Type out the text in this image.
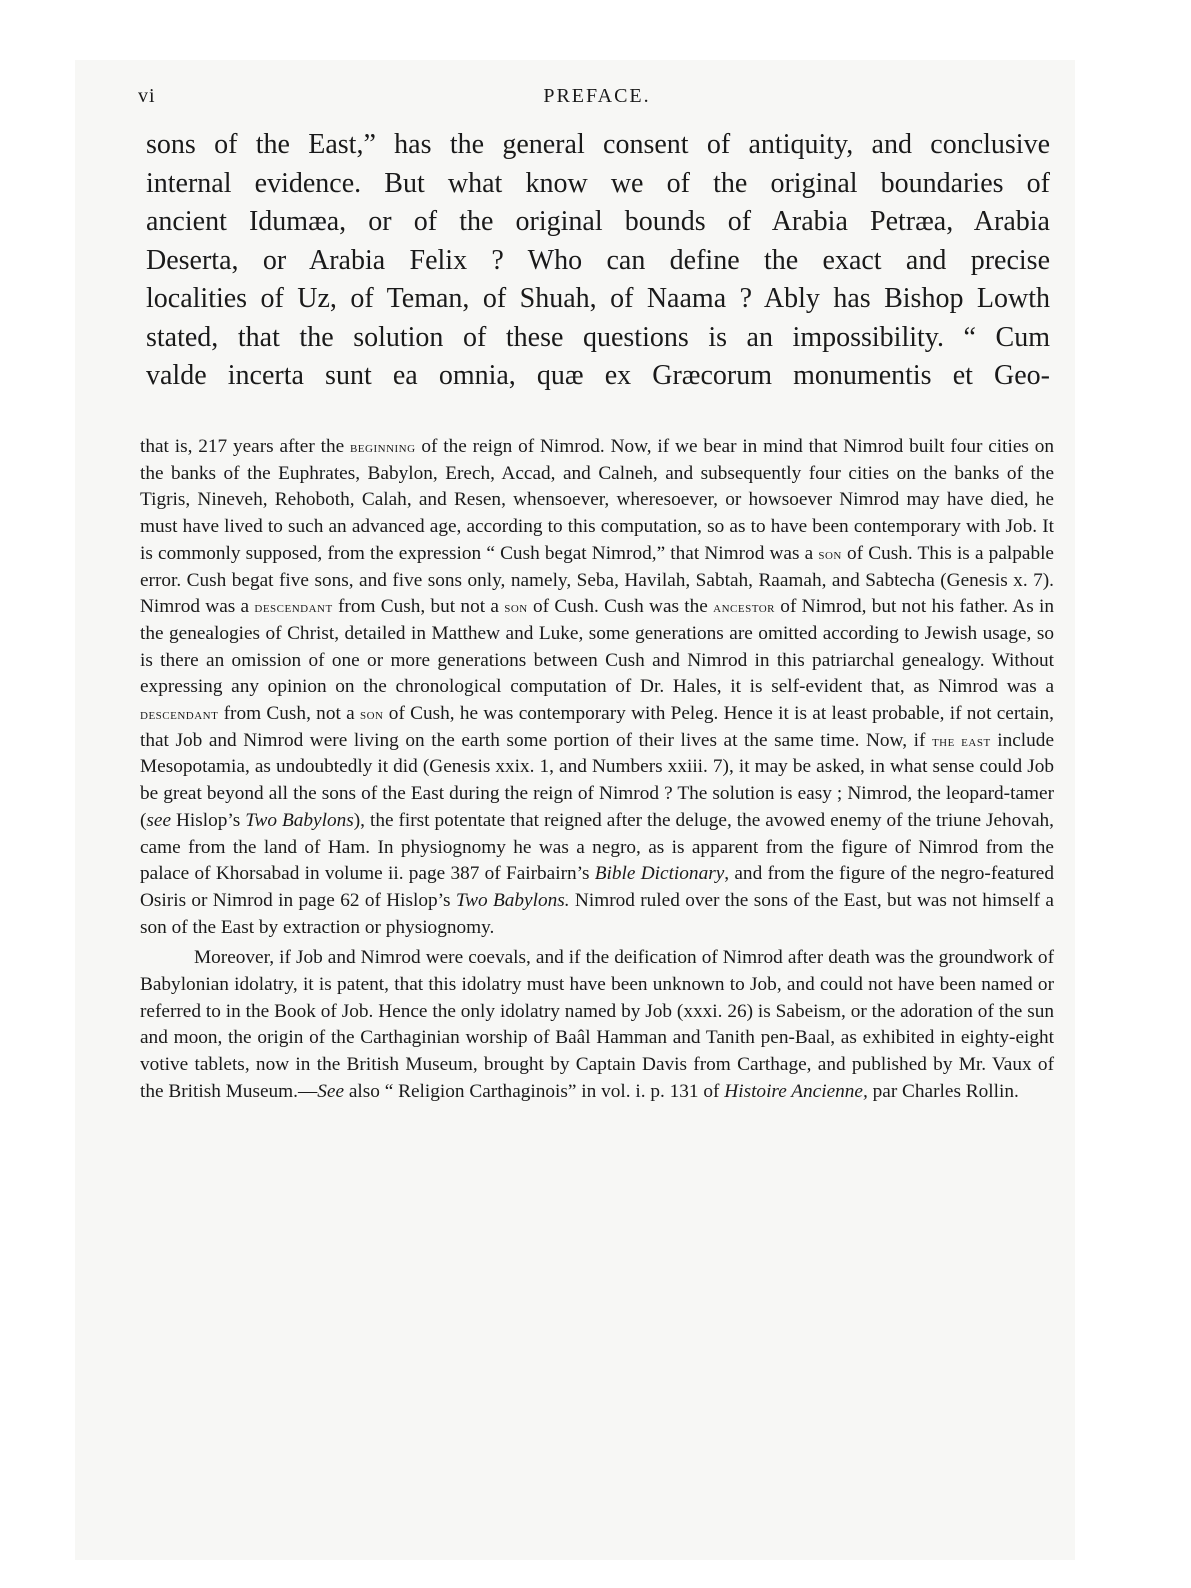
vi	PREFACE.
sons of the East,” has the general consent of antiquity, and conclusive
internal evidence. But what know we of the original boundaries of
ancient Idumæa, or of the original bounds of Arabia Petræa, Arabia
Deserta, or Arabia Felix ? Who can define the exact and precise
localities of Uz, of Teman, of Shuah, of Naama ? Ably has Bishop Lowth
stated, that the solution of these questions is an impossibility. “ Cum
valde incerta sunt ea omnia, quæ ex Græcorum monumentis et Geo-

that is, 217 years after the beginning of the reign of Nimrod. Now, if we bear in mind that Nimrod built four cities on the banks of the Euphrates, Babylon, Erech, Accad, and Calneh, and subsequently four cities on the banks of the Tigris, Nineveh, Rehoboth, Calah, and Resen, whensoever, wheresoever, or howsoever Nimrod may have died, he must have lived to such an advanced age, according to this computation, so as to have been contemporary with Job. It is commonly supposed, from the expression “ Cush begat Nimrod,” that Nimrod was a son of Cush. This is a palpable error. Cush begat five sons, and five sons only, namely, Seba, Havilah, Sabtah, Raamah, and Sabtecha (Genesis x. 7). Nimrod was a descendant from Cush, but not a son of Cush. Cush was the ancestor of Nimrod, but not his father. As in the genealogies of Christ, detailed in Matthew and Luke, some generations are omitted according to Jewish usage, so is there an omission of one or more generations between Cush and Nimrod in this patriarchal genealogy. Without expressing any opinion on the chronological computation of Dr. Hales, it is self-evident that, as Nimrod was a descendant from Cush, not a son of Cush, he was contemporary with Peleg. Hence it is at least probable, if not certain, that Job and Nimrod were living on the earth some portion of their lives at the same time. Now, if the east include Mesopotamia, as undoubtedly it did (Genesis xxix. 1, and Numbers xxiii. 7), it may be asked, in what sense could Job be great beyond all the sons of the East during the reign of Nimrod ? The solution is easy ; Nimrod, the leopard-tamer (see Hislop’s Two Babylons), the first potentate that reigned after the deluge, the avowed enemy of the triune Jehovah, came from the land of Ham. In physiognomy he was a negro, as is apparent from the figure of Nimrod from the palace of Khorsabad in volume ii. page 387 of Fairbairn’s Bible Dictionary, and from the figure of the negro-featured Osiris or Nimrod in page 62 of Hislop’s Two Babylons. Nimrod ruled over the sons of the East, but was not himself a son of the East by extraction or physiognomy.

Moreover, if Job and Nimrod were coevals, and if the deification of Nimrod after death was the groundwork of Babylonian idolatry, it is patent, that this idolatry must have been unknown to Job, and could not have been named or referred to in the Book of Job. Hence the only idolatry named by Job (xxxi. 26) is Sabeism, or the adoration of the sun and moon, the origin of the Carthaginian worship of Baâl Hamman and Tanith pen-Baal, as exhibited in eighty-eight votive tablets, now in the British Museum, brought by Captain Davis from Carthage, and published by Mr. Vaux of the British Museum.—See also “ Religion Carthaginois” in vol. i. p. 131 of Histoire Ancienne, par Charles Rollin.
